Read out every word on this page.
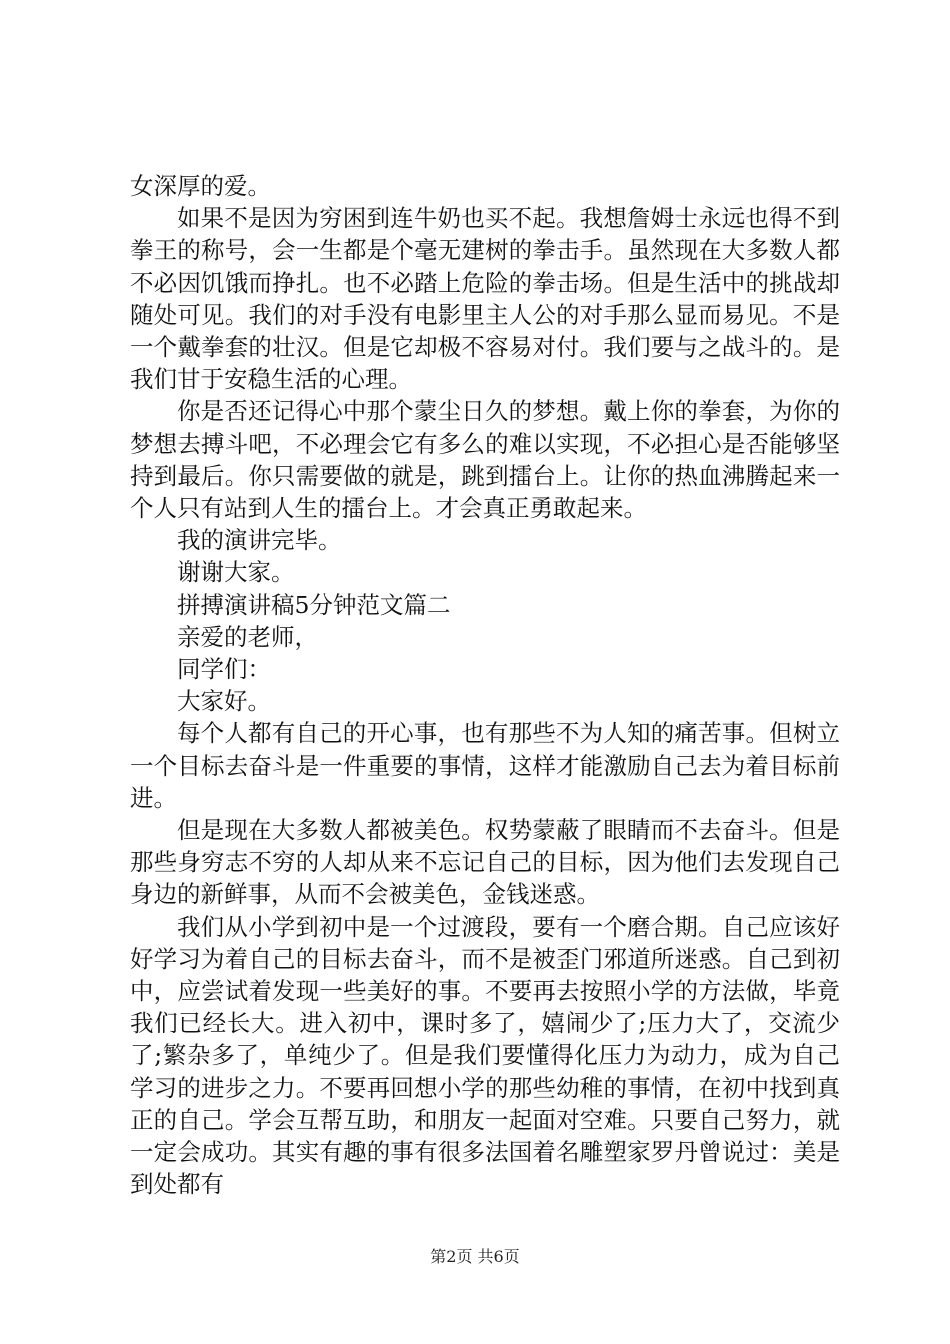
女深厚的爱。

如果不是因为穷困到连牛奶也买不起。我想詹姆士永远也得不到拳王的称号，会一生都是个毫无建树的拳击手。虽然现在大多数人都不必因饥饿而挣扎。也不必踏上危险的拳击场。但是生活中的挑战却随处可见。我们的对手没有电影里主人公的对手那么显而易见。不是一个戴拳套的壮汉。但是它却极不容易对付。我们要与之战斗的。是我们甘于安稳生活的心理。

你是否还记得心中那个蒙尘日久的梦想。戴上你的拳套，为你的梦想去搏斗吧，不必理会它有多么的难以实现，不必担心是否能够坚持到最后。你只需要做的就是，跳到擂台上。让你的热血沸腾起来一个人只有站到人生的擂台上。才会真正勇敢起来。

我的演讲完毕。

谢谢大家。

拼搏演讲稿5分钟范文篇二

亲爱的老师，

同学们：

大家好。

每个人都有自己的开心事，也有那些不为人知的痛苦事。但树立一个目标去奋斗是一件重要的事情，这样才能激励自己去为着目标前进。

但是现在大多数人都被美色。权势蒙蔽了眼睛而不去奋斗。但是那些身穷志不穷的人却从来不忘记自己的目标，因为他们去发现自己身边的新鲜事，从而不会被美色，金钱迷惑。

我们从小学到初中是一个过渡段，要有一个磨合期。自己应该好好学习为着自己的目标去奋斗，而不是被歪门邪道所迷惑。自己到初中，应尝试着发现一些美好的事。不要再去按照小学的方法做，毕竟我们已经长大。进入初中，课时多了，嬉闹少了;压力大了，交流少了;繁杂多了，单纯少了。但是我们要懂得化压力为动力，成为自己学习的进步之力。不要再回想小学的那些幼稚的事情，在初中找到真正的自己。学会互帮互助，和朋友一起面对空难。只要自己努力，就一定会成功。其实有趣的事有很多法国着名雕塑家罗丹曾说过：美是到处都有

第2页 共6页
